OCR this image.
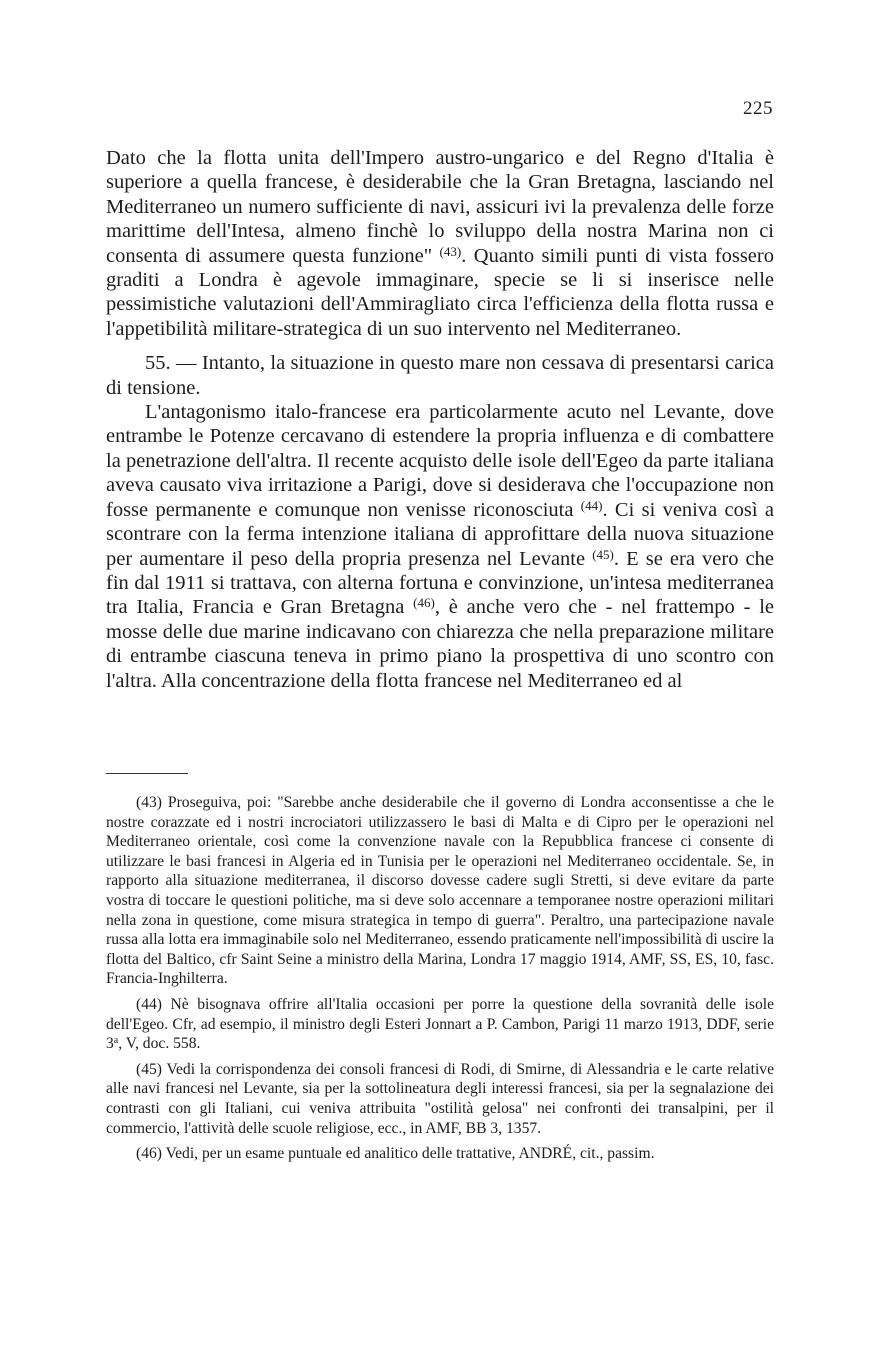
225

Dato che la flotta unita dell'Impero austro-ungarico e del Regno d'Italia è superiore a quella francese, è desiderabile che la Gran Bretagna, lasciando nel Mediterraneo un numero sufficiente di navi, assicuri ivi la prevalenza delle forze marittime dell'Intesa, almeno finchè lo sviluppo della nostra Marina non ci consenta di assumere questa funzione" $^{(43)}$. Quanto simili punti di vista fossero graditi a Londra è agevole immaginare, specie se li si inserisce nelle pessimistiche valutazioni dell'Ammiragliato circa l'efficienza della flotta russa e l'appetibilità militare-strategica di un suo intervento nel Mediterraneo.

55. — Intanto, la situazione in questo mare non cessava di presentarsi carica di tensione.

L'antagonismo italo-francese era particolarmente acuto nel Levante, dove entrambe le Potenze cercavano di estendere la propria influenza e di combattere la penetrazione dell'altra. Il recente acquisto delle isole dell'Egeo da parte italiana aveva causato viva irritazione a Parigi, dove si desiderava che l'occupazione non fosse permanente e comunque non venisse riconosciuta $^{(44)}$. Ci si veniva così a scontrare con la ferma intenzione italiana di approfittare della nuova situazione per aumentare il peso della propria presenza nel Levante $^{(45)}$. E se era vero che fin dal 1911 si trattava, con alterna fortuna e convinzione, un'intesa mediterranea tra Italia, Francia e Gran Bretagna $^{(46)}$, è anche vero che - nel frattempo - le mosse delle due marine indicavano con chiarezza che nella preparazione militare di entrambe ciascuna teneva in primo piano la prospettiva di uno scontro con l'altra. Alla concentrazione della flotta francese nel Mediterraneo ed al

(43) Proseguiva, poi: "Sarebbe anche desiderabile che il governo di Londra acconsentisse a che le nostre corazzate ed i nostri incrociatori utilizzassero le basi di Malta e di Cipro per le operazioni nel Mediterraneo orientale, così come la convenzione navale con la Repubblica francese ci consente di utilizzare le basi francesi in Algeria ed in Tunisia per le operazioni nel Mediterraneo occidentale. Se, in rapporto alla situazione mediterranea, il discorso dovesse cadere sugli Stretti, si deve evitare da parte vostra di toccare le questioni politiche, ma si deve solo accennare a temporanee nostre operazioni militari nella zona in questione, come misura strategica in tempo di guerra". Peraltro, una partecipazione navale russa alla lotta era immaginabile solo nel Mediterraneo, essendo praticamente nell'impossibilità di uscire la flotta del Baltico, cfr Saint Seine a ministro della Marina, Londra 17 maggio 1914, AMF, SS, ES, 10, fasc. Francia-Inghilterra.

(44) Nè bisognava offrire all'Italia occasioni per porre la questione della sovranità delle isole dell'Egeo. Cfr, ad esempio, il ministro degli Esteri Jonnart a P. Cambon, Parigi 11 marzo 1913, DDF, serie 3$^a$, V, doc. 558.

(45) Vedi la corrispondenza dei consoli francesi di Rodi, di Smirne, di Alessandria e le carte relative alle navi francesi nel Levante, sia per la sottolineatura degli interessi francesi, sia per la segnalazione dei contrasti con gli Italiani, cui veniva attribuita "ostilità gelosa" nei confronti dei transalpini, per il commercio, l'attività delle scuole religiose, ecc., in AMF, BB 3, 1357.

(46) Vedi, per un esame puntuale ed analitico delle trattative, ANDRÉ, cit., passim.
